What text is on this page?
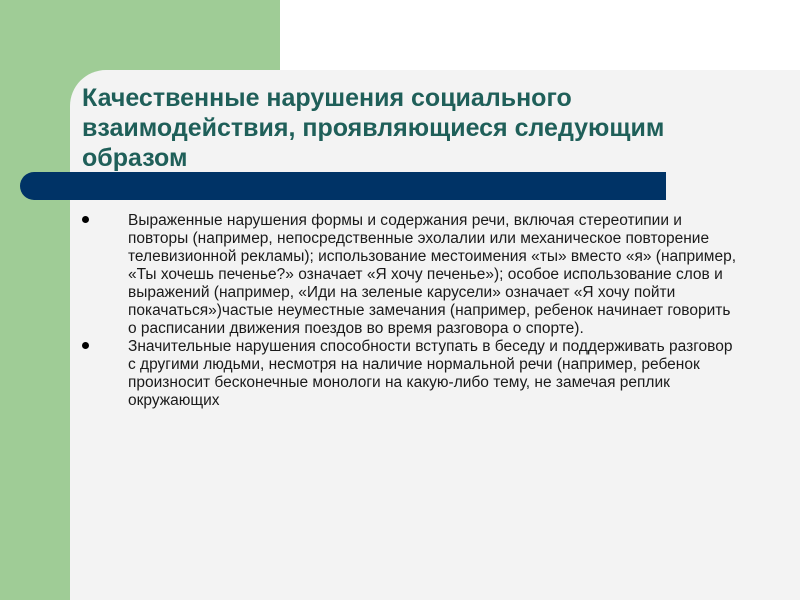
Качественные нарушения социального взаимодействия, проявляющиеся следующим образом
Выраженные нарушения формы и содержания речи, включая стереотипии и повторы (например, непосредственные эхолалии или механическое повторение телевизионной рекламы); использование местоимения «ты» вместо «я» (например, «Ты хочешь печенье?» означает «Я хочу печенье»); особое использование слов и выражений (например, «Иди на зеленые карусели» означает «Я хочу пойти покачаться»)частые неуместные замечания (например, ребенок начинает говорить о расписании движения поездов во время разговора о спорте).
Значительные нарушения способности вступать в беседу и поддерживать разговор с другими людьми, несмотря на наличие нормальной речи (например, ребенок произносит бесконечные монологи на какую-либо тему, не замечая реплик окружающих
